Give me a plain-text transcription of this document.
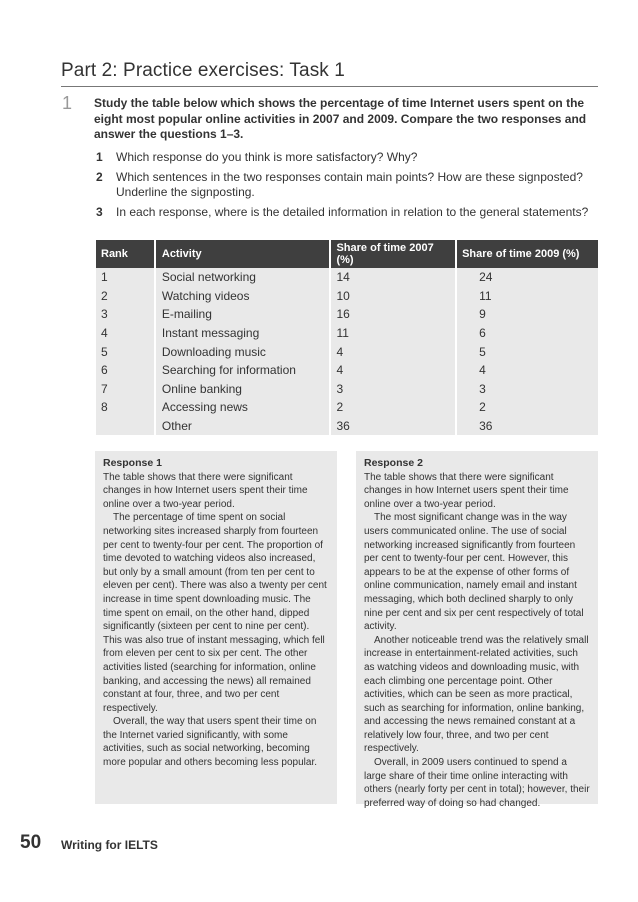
Part 2: Practice exercises: Task 1
1 Study the table below which shows the percentage of time Internet users spent on the eight most popular online activities in 2007 and 2009. Compare the two responses and answer the questions 1–3.
1	Which response do you think is more satisfactory? Why?
2	Which sentences in the two responses contain main points? How are these signposted? Underline the signposting.
3	In each response, where is the detailed information in relation to the general statements?
Rank	Activity	Share of time 2007 (%)	Share of time 2009 (%)
1	Social networking	14	24
2	Watching videos	10	11
3	E-mailing	16	9
4	Instant messaging	11	6
5	Downloading music	4	5
6	Searching for information	4	4
7	Online banking	3	3
8	Accessing news	2	2
	Other	36	36
Response 1

The table shows that there were significant changes in how Internet users spent their time online over a two-year period.

The percentage of time spent on social networking sites increased sharply from fourteen per cent to twenty-four per cent. The proportion of time devoted to watching videos also increased, but only by a small amount (from ten per cent to eleven per cent). There was also a twenty per cent increase in time spent downloading music. The time spent on email, on the other hand, dipped significantly (sixteen per cent to nine per cent). This was also true of instant messaging, which fell from eleven per cent to six per cent. The other activities listed (searching for information, online banking, and accessing the news) all remained constant at four, three, and two per cent respectively.

Overall, the way that users spent their time on the Internet varied significantly, with some activities, such as social networking, becoming more popular and others becoming less popular.

Response 2

The table shows that there were significant changes in how Internet users spent their time online over a two-year period.

The most significant change was in the way users communicated online. The use of social networking increased significantly from fourteen per cent to twenty-four per cent. However, this appears to be at the expense of other forms of online communication, namely email and instant messaging, which both declined sharply to only nine per cent and six per cent respectively of total activity.

Another noticeable trend was the relatively small increase in entertainment-related activities, such as watching videos and downloading music, with each climbing one percentage point. Other activities, which can be seen as more practical, such as searching for information, online banking, and accessing the news remained constant at a relatively low four, three, and two per cent respectively.

Overall, in 2009 users continued to spend a large share of their time online interacting with others (nearly forty per cent in total); however, their preferred way of doing so had changed.

50 Writing for IELTS
